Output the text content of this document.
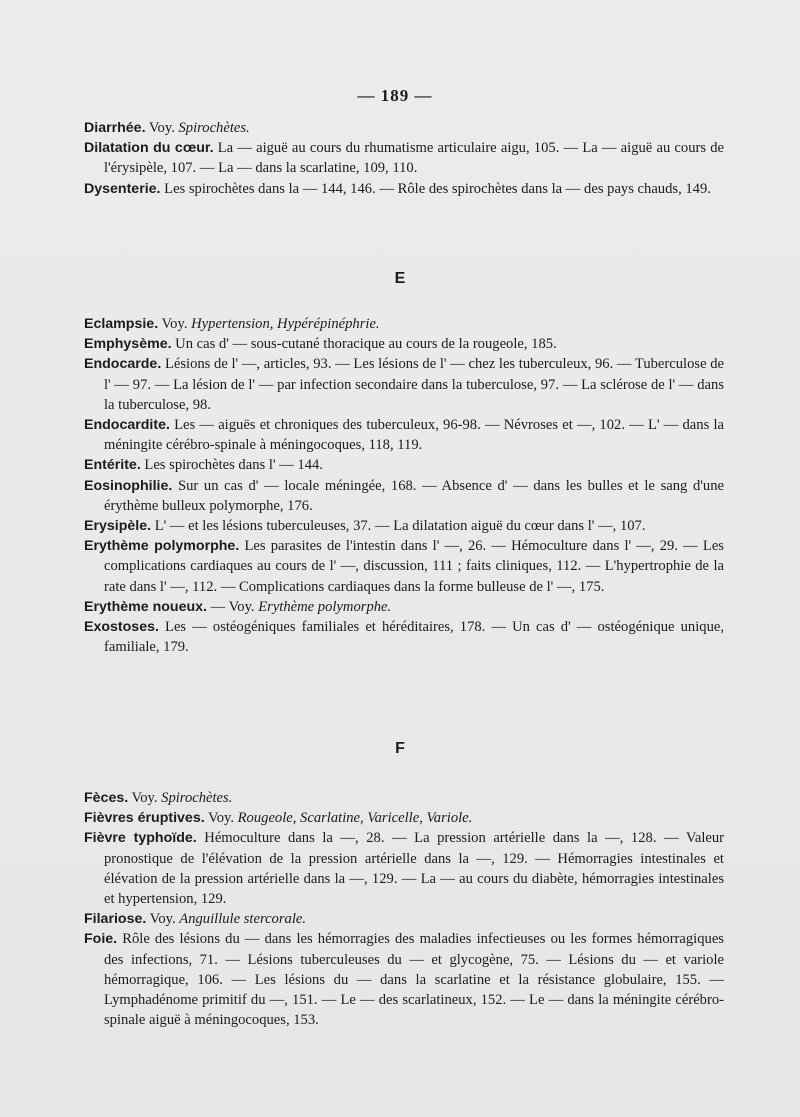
— 189 —
Diarrhée. Voy. Spirochètes.
Dilatation du cœur. La — aiguë au cours du rhumatisme articulaire aigu, 105. — La — aiguë au cours de l'érysipèle, 107. — La — dans la scarlatine, 109, 110.
Dysenterie. Les spirochètes dans la — 144, 146. — Rôle des spirochètes dans la — des pays chauds, 149.
E
Eclampsie. Voy. Hypertension, Hypérépinéphrie.
Emphysème. Un cas d' — sous-cutané thoracique au cours de la rougeole, 185.
Endocarde. Lésions de l' —, articles, 93. — Les lésions de l' — chez les tuberculeux, 96. — Tuberculose de l' — 97. — La lésion de l' — par infection secondaire dans la tuberculose, 97. — La sclérose de l' — dans la tuberculose, 98.
Endocardite. Les — aiguës et chroniques des tuberculeux, 96-98. — Névroses et —, 102. — L' — dans la méningite cérébro-spinale à méningocoques, 118, 119.
Entérite. Les spirochètes dans l' — 144.
Eosinophilie. Sur un cas d' — locale méningée, 168. — Absence d' — dans les bulles et le sang d'une érythème bulleux polymorphe, 176.
Erysipèle. L' — et les lésions tuberculeuses, 37. — La dilatation aiguë du cœur dans l' —, 107.
Erythème polymorphe. Les parasites de l'intestin dans l' —, 26. — Hémoculture dans l' —, 29. — Les complications cardiaques au cours de l' —, discussion, 111 ; faits cliniques, 112. — L'hypertrophie de la rate dans l' —, 112. — Complications cardiaques dans la forme bulleuse de l' —, 175.
Erythème noueux. — Voy. Erythème polymorphe.
Exostoses. Les — ostéogéniques familiales et héréditaires, 178. — Un cas d' — ostéogénique unique, familiale, 179.
F
Fèces. Voy. Spirochètes.
Fièvres éruptives. Voy. Rougeole, Scarlatine, Varicelle, Variole.
Fièvre typhoïde. Hémoculture dans la —, 28. — La pression artérielle dans la —, 128. — Valeur pronostique de l'élévation de la pression artérielle dans la —, 129. — Hémorragies intestinales et élévation de la pression artérielle dans la —, 129. — La — au cours du diabète, hémorragies intestinales et hypertension, 129.
Filariose. Voy. Anguillule stercorale.
Foie. Rôle des lésions du — dans les hémorragies des maladies infectieuses ou les formes hémorragiques des infections, 71. — Lésions tuberculeuses du — et glycogène, 75. — Lésions du — et variole hémorragique, 106. — Les lésions du — dans la scarlatine et la résistance globulaire, 155. — Lymphadénome primitif du —, 151. — Le — des scarlatineux, 152. — Le — dans la méningite cérébro-spinale aiguë à méningocoques, 153.
